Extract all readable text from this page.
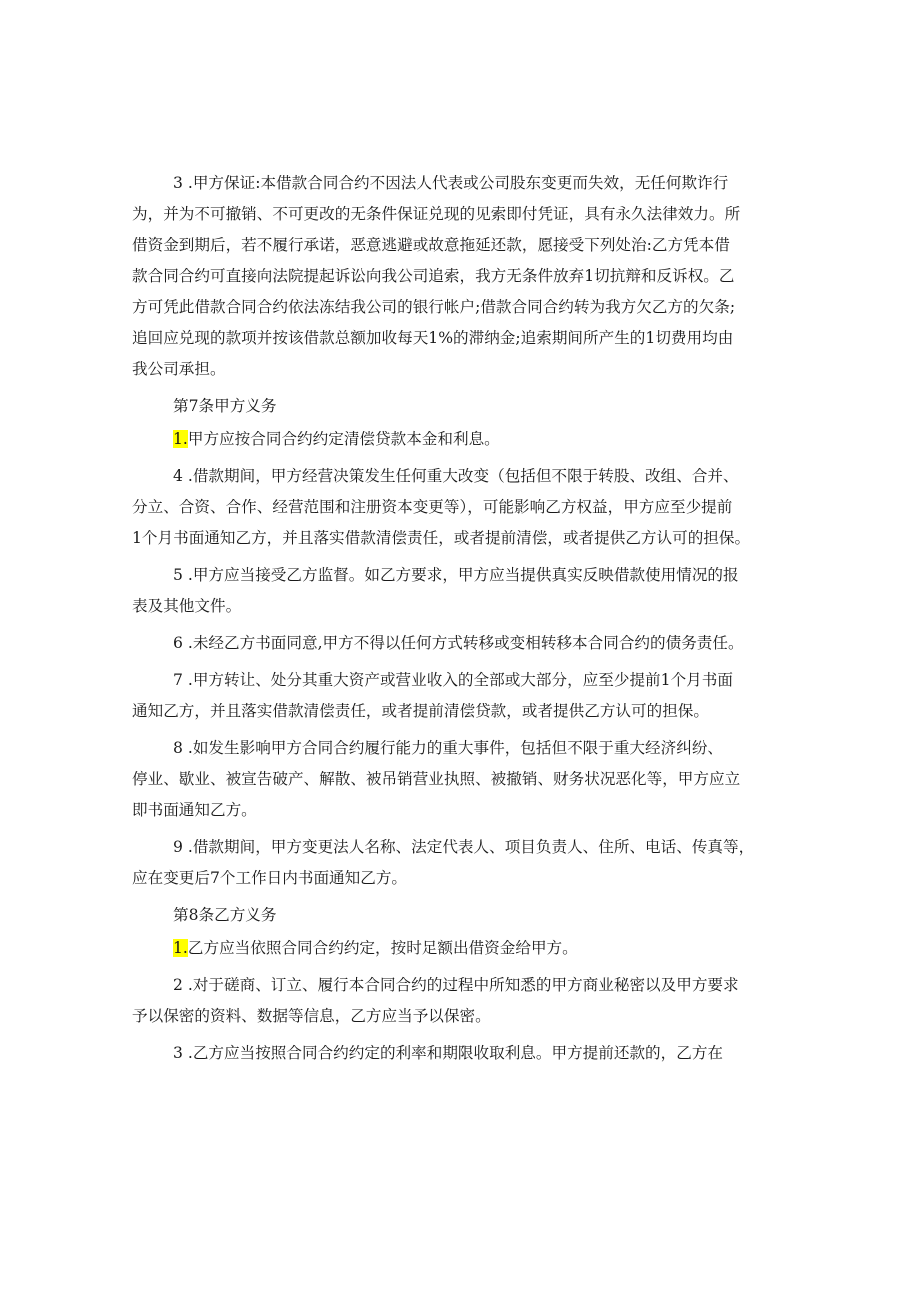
3 .甲方保证:本借款合同合约不因法人代表或公司股东变更而失效，无任何欺诈行
为，并为不可撤销、不可更改的无条件保证兑现的见索即付凭证，具有永久法律效力。所
借资金到期后，若不履行承诺，恶意逃避或故意拖延还款，愿接受下列处治:乙方凭本借
款合同合约可直接向法院提起诉讼向我公司追索，我方无条件放弃1切抗辩和反诉权。乙
方可凭此借款合同合约依法冻结我公司的银行帐户;借款合同合约转为我方欠乙方的欠条;
追回应兑现的款项并按该借款总额加收每天1%的滞纳金;追索期间所产生的1切费用均由
我公司承担。
第7条甲方义务
1.甲方应按合同合约约定清偿贷款本金和利息。
4 .借款期间，甲方经营决策发生任何重大改变（包括但不限于转股、改组、合并、
分立、合资、合作、经营范围和注册资本变更等），可能影响乙方权益，甲方应至少提前
1个月书面通知乙方，并且落实借款清偿责任，或者提前清偿，或者提供乙方认可的担保。
5 .甲方应当接受乙方监督。如乙方要求，甲方应当提供真实反映借款使用情况的报
表及其他文件。
6 .未经乙方书面同意,甲方不得以任何方式转移或变相转移本合同合约的债务责任。
7 .甲方转让、处分其重大资产或营业收入的全部或大部分，应至少提前1个月书面
通知乙方，并且落实借款清偿责任，或者提前清偿贷款，或者提供乙方认可的担保。
8 .如发生影响甲方合同合约履行能力的重大事件，包括但不限于重大经济纠纷、
停业、歇业、被宣告破产、解散、被吊销营业执照、被撤销、财务状况恶化等，甲方应立
即书面通知乙方。
9 .借款期间，甲方变更法人名称、法定代表人、项目负责人、住所、电话、传真等，
应在变更后7个工作日内书面通知乙方。
第8条乙方义务
1.乙方应当依照合同合约约定，按时足额出借资金给甲方。
2 .对于磋商、订立、履行本合同合约的过程中所知悉的甲方商业秘密以及甲方要求
予以保密的资料、数据等信息，乙方应当予以保密。
3 .乙方应当按照合同合约约定的利率和期限收取利息。甲方提前还款的，乙方在
